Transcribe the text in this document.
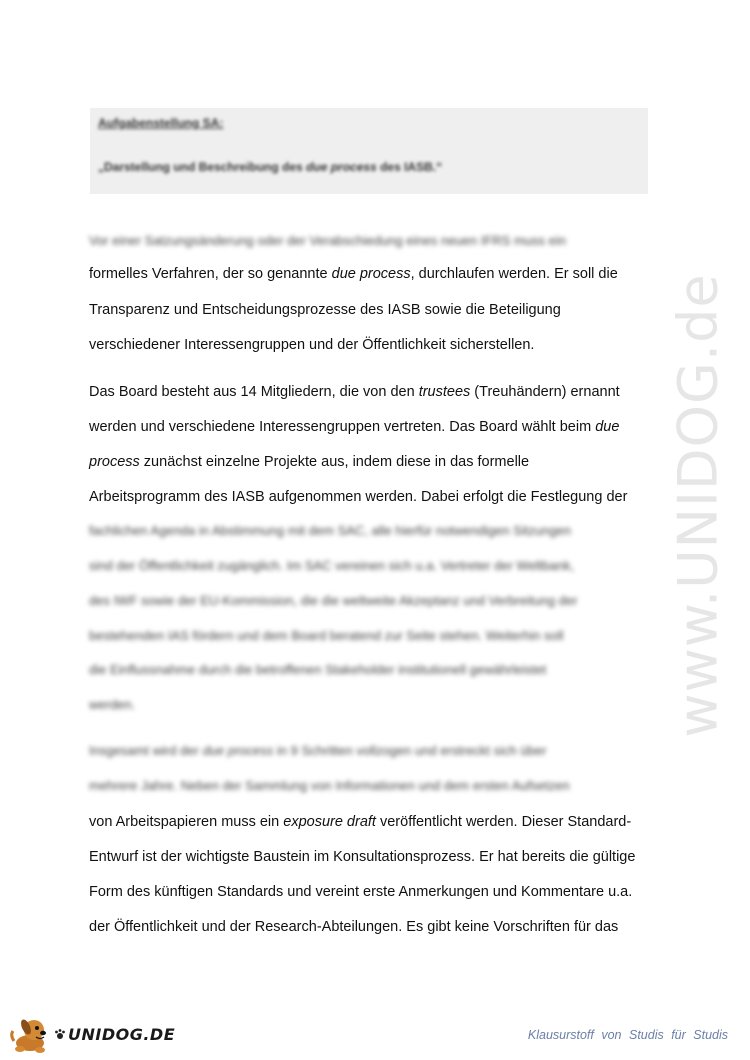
Aufgabenstellung SA:
„Darstellung und Beschreibung des due process des IASB.“
Vor einer Satzungsänderung oder der Verabschiedung eines neuen IFRS muss ein
formelles Verfahren, der so genannte due process, durchlaufen werden. Er soll die
Transparenz und Entscheidungsprozesse des IASB sowie die Beteiligung
verschiedener Interessengruppen und der Öffentlichkeit sicherstellen.
Das Board besteht aus 14 Mitgliedern, die von den trustees (Treuhändern) ernannt
werden und verschiedene Interessengruppen vertreten. Das Board wählt beim due
process zunächst einzelne Projekte aus, indem diese in das formelle
Arbeitsprogramm des IASB aufgenommen werden. Dabei erfolgt die Festlegung der
fachlichen Agenda in Abstimmung mit dem SAC, alle hierfür notwendigen Sitzungen
sind der Öffentlichkeit zugänglich. Im SAC vereinen sich u.a. Vertreter der Weltbank,
des IWF sowie der EU-Kommission, die die weltweite Akzeptanz und Verbreitung der
bestehenden IAS fördern und dem Board beratend zur Seite stehen. Weiterhin soll
die Einflussnahme durch die betroffenen Stakeholder institutionell gewährleistet
werden.
Insgesamt wird der due process in 9 Schritten vollzogen und erstreckt sich über
mehrere Jahre. Neben der Sammlung von Informationen und dem ersten Aufsetzen
von Arbeitspapieren muss ein exposure draft veröffentlicht werden. Dieser Standard-
Entwurf ist der wichtigste Baustein im Konsultationsprozess. Er hat bereits die gültige
Form des künftigen Standards und vereint erste Anmerkungen und Kommentare u.a.
der Öffentlichkeit und der Research-Abteilungen. Es gibt keine Vorschriften für das
www.UNIDOG.de
UNIDOG.DE	Klausurstoff von Studis für Studis
